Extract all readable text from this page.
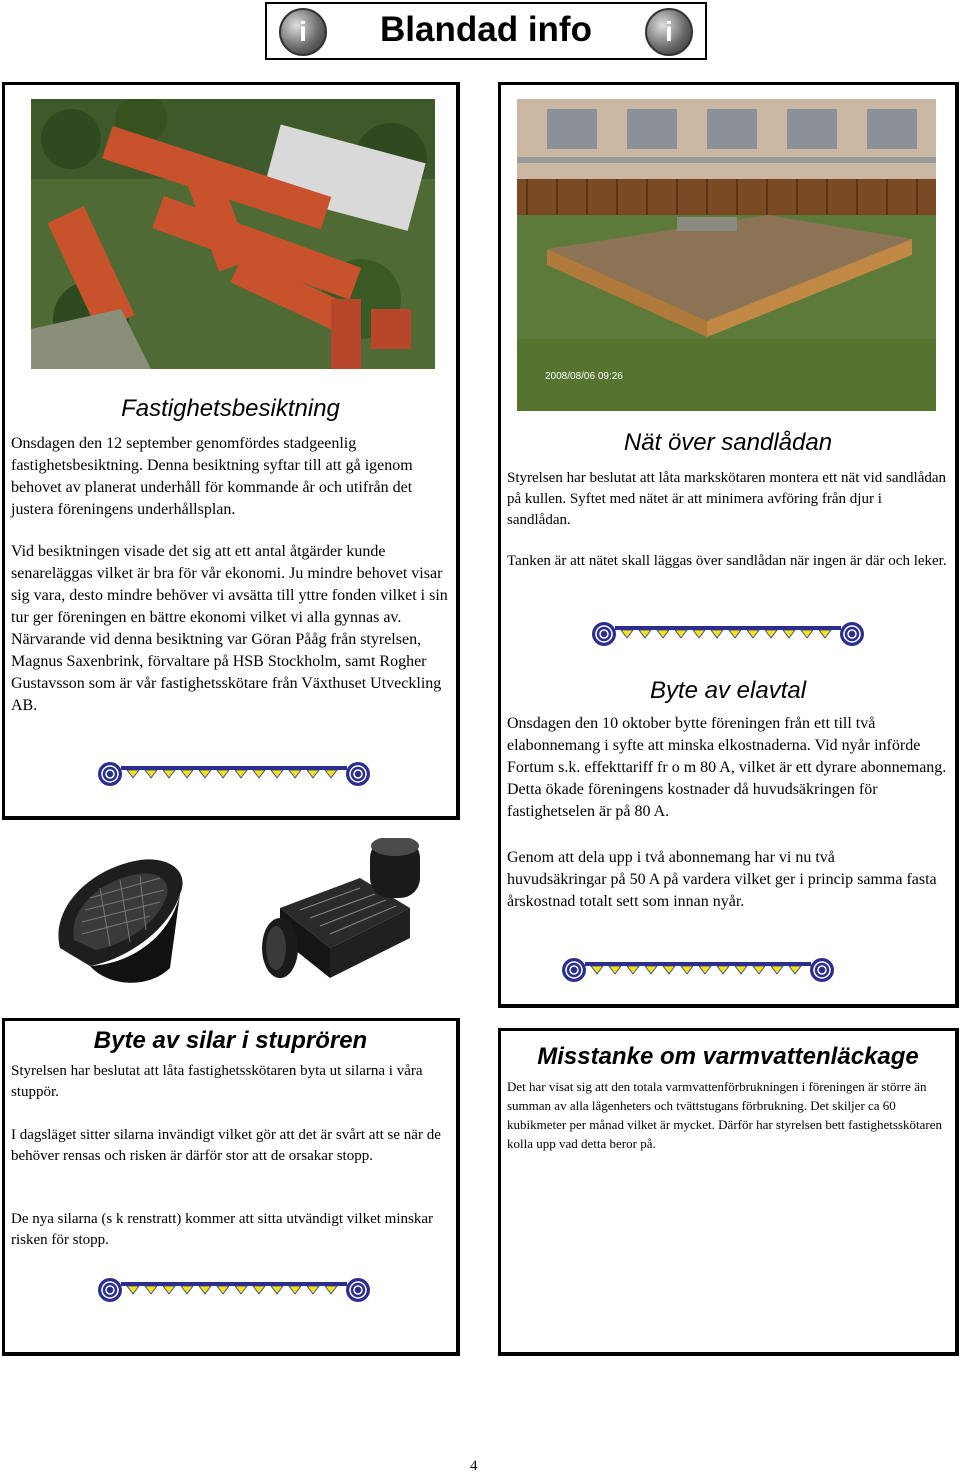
i	Blandad info	i
Fastighetsbesiktning

Onsdagen den 12 september genomfördes stadgeenlig fastighetsbesiktning. Denna besiktning syftar till att gå igenom behovet av planerat underhåll för kommande år och utifrån det justera föreningens underhållsplan.

Vid besiktningen visade det sig att ett antal åtgärder kunde senareläggas vilket är bra för vår ekonomi. Ju mindre behovet visar sig vara, desto mindre behöver vi avsätta till yttre fonden vilket i sin tur ger föreningen en bättre ekonomi vilket vi alla gynnas av. Närvarande vid denna besiktning var Göran Pååg från styrelsen, Magnus Saxenbrink, förvaltare på HSB Stockholm, samt Rogher Gustavsson som är vår fastighetsskötare från Växthuset Utveckling AB.

2008/08/06 09:26
Nät över sandlådan

Styrelsen har beslutat att låta markskötaren montera ett nät vid sandlådan på kullen. Syftet med nätet är att minimera avföring från djur i sandlådan.

Tanken är att nätet skall läggas över sandlådan när ingen är där och leker.

Byte av elavtal

Onsdagen den 10 oktober bytte föreningen från ett till två elabonnemang i syfte att minska elkostnaderna. Vid nyår införde Fortum s.k. effekttariff fr o m 80 A, vilket är ett dyrare abonnemang. Detta ökade föreningens kostnader då huvudsäkringen för fastighetselen är på 80 A.

Genom att dela upp i två abonnemang har vi nu två huvudsäkringar på 50 A på vardera vilket ger i princip samma fasta årskostnad totalt sett som innan nyår.

Byte av silar i stuprören

Styrelsen har beslutat att låta fastighetsskötaren byta ut silarna i våra stupрör.

I dagsläget sitter silarna invändigt vilket gör att det är svårt att se när de behöver rensas och risken är därför stor att de orsakar stopp.

De nya silarna (s k renstratt) kommer att sitta utvändigt vilket minskar risken för stopp.

Misstanke om varmvattenläckage

Det har visat sig att den totala varmvattenförbrukningen i föreningen är större än summan av alla lägenheters och tvättstugans förbrukning. Det skiljer ca 60 kubikmeter per månad vilket är mycket. Därför har styrelsen bett fastighetsskötaren kolla upp vad detta beror på.

4
